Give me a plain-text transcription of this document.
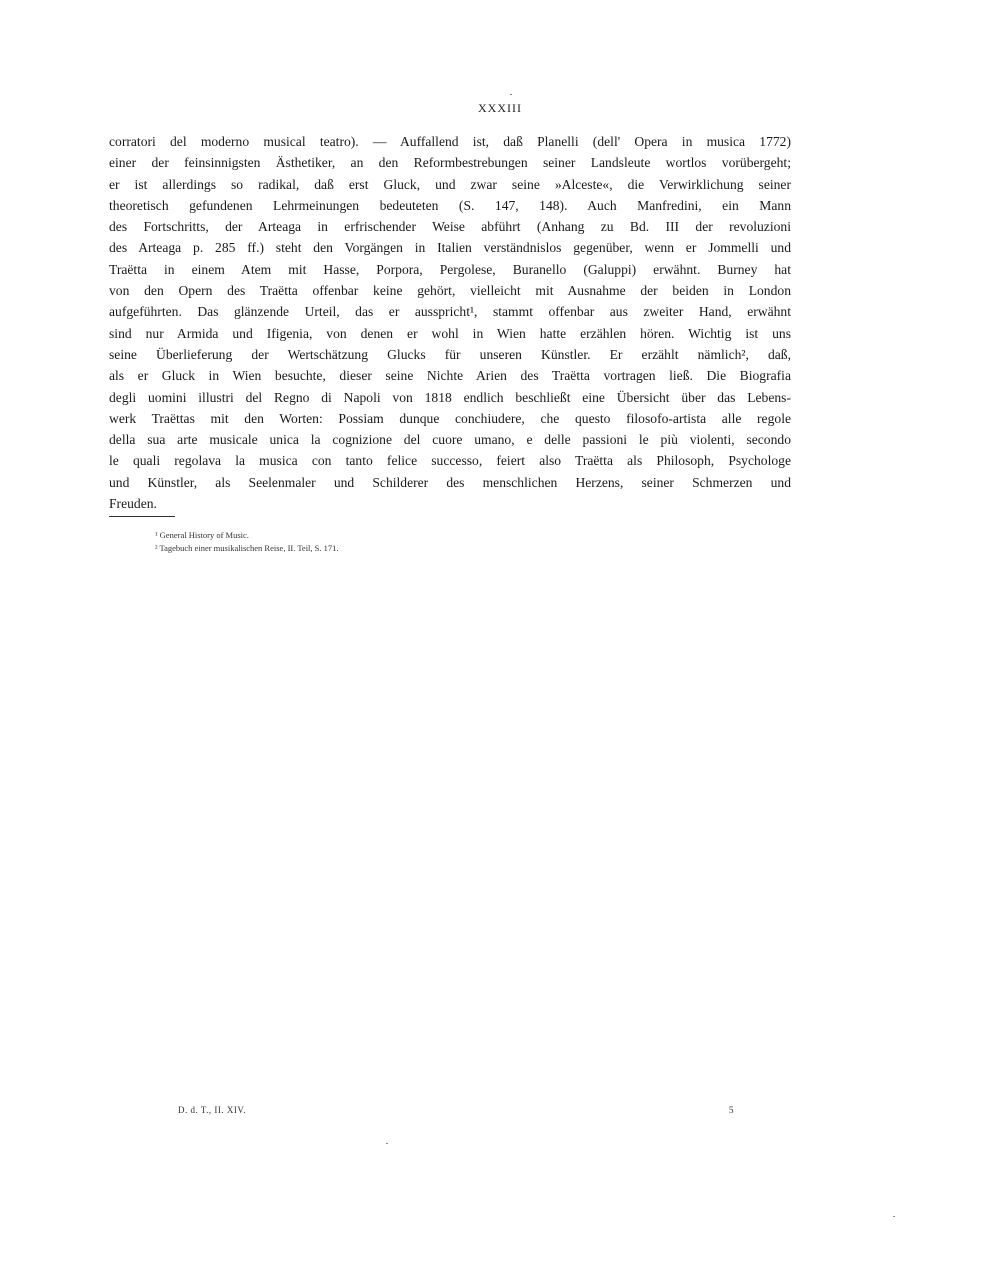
XXXIII
corratori del moderno musical teatro). — Auffallend ist, daß Planelli (dell' Opera in musica 1772)
einer der feinsinnigsten Ästhetiker, an den Reformbestrebungen seiner Landsleute wortlos vorübergeht;
er ist allerdings so radikal, daß erst Gluck, und zwar seine »Alceste«, die Verwirklichung seiner
theoretisch gefundenen Lehrmeinungen bedeuteten (S. 147, 148). Auch Manfredini, ein Mann
des Fortschritts, der Arteaga in erfrischender Weise abführt (Anhang zu Bd. III der revoluzioni
des Arteaga p. 285 ff.) steht den Vorgängen in Italien verständnislos gegenüber, wenn er Jommelli und
Traëtta in einem Atem mit Hasse, Porpora, Pergolese, Buranello (Galuppi) erwähnt. Burney hat
von den Opern des Traëtta offenbar keine gehört, vielleicht mit Ausnahme der beiden in London
aufgeführten. Das glänzende Urteil, das er ausspricht¹, stammt offenbar aus zweiter Hand, erwähnt
sind nur Armida und Ifigenia, von denen er wohl in Wien hatte erzählen hören. Wichtig ist uns
seine Überlieferung der Wertschätzung Glucks für unseren Künstler. Er erzählt nämlich², daß,
als er Gluck in Wien besuchte, dieser seine Nichte Arien des Traëtta vortragen ließ. Die Biografia
degli uomini illustri del Regno di Napoli von 1818 endlich beschließt eine Übersicht über das Lebens-
werk Traëttas mit den Worten: Possiam dunque conchiudere, che questo filosofo-artista alle regole
della sua arte musicale unica la cognizione del cuore umano, e delle passioni le più violenti, secondo
le quali regolava la musica con tanto felice successo, feiert also Traëtta als Philosoph, Psychologe
und Künstler, als Seelenmaler und Schilderer des menschlichen Herzens, seiner Schmerzen und
Freuden.
¹ General History of Music.
² Tagebuch einer musikalischen Reise, II. Teil, S. 171.
D. d. T., II. XIV.	5
